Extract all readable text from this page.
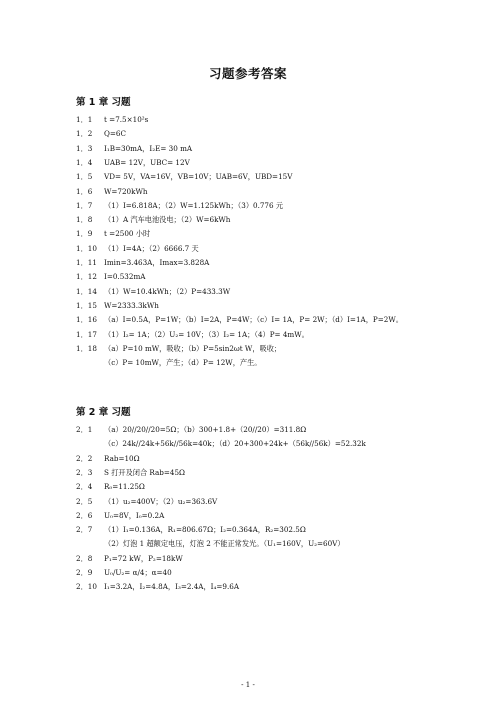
习题参考答案
第 1 章 习题
1．1 t =7.5×10²s
1．2 Q=6C
1．3 I₁B=30mA，I₂E= 30 mA
1．4 UAB= 12V，UBC= 12V
1．5 VD= 5V，VA=16V，VB=10V；UAB=6V，UBD=15V
1．6 W=720kWh
1．7 （1）I=6.818A；（2）W=1.125kWh；（3）0.776 元
1．8 （1）A 汽车电池没电；（2）W=6kWh
1．9 t =2500 小时
1．10 （1）I=4A；（2）6666.7 天
1．11 Imin=3.463A，Imax=3.828A
1．12 I=0.532mA
1．14 （1）W=10.4kWh；（2）P=433.3W
1．15 W=2333.3kWh
1．16 （a）I=0.5A，P=1W；（b）I=2A，P=4W；（c）I= 1A，P= 2W；（d）I=1A，P=2W。
1．17 （1）I₂= 1A；（2）U₂= 10V；（3）I₂= 1A；（4）P= 4mW。
1．18 （a）P=10 mW，吸收；（b）P=5sin2ωt W，吸收；
（c）P= 10mW，产生；（d）P= 12W，产生。
第 2 章 习题
2．1 （a）20//20//20=5Ω；（b）300+1.8+（20//20）=311.8Ω
（c）24k//24k+56k//56k=40k；（d）20+300+24k+（56k//56k）=52.32k
2．2 Rab=10Ω
2．3 S 打开及闭合 Rab=45Ω
2．4 R₀=11.25Ω
2．5 （1）u₂=400V；（2）u₂=363.6V
2．6 U₀=8V，I₀=0.2A
2．7 （1）I₁=0.136A，R₁=806.67Ω；I₂=0.364A，R₂=302.5Ω
（2）灯泡 1 超额定电压，灯泡 2 不能正常发光。（U₁=160V，U₂=60V）
2．8 P₁=72 kW，P₂=18kW
2．9 U₀/U₂= α/4；α=40
2．10 I₁=3.2A，I₂=4.8A，I₃=2.4A，I₄=9.6A
- 1 -
